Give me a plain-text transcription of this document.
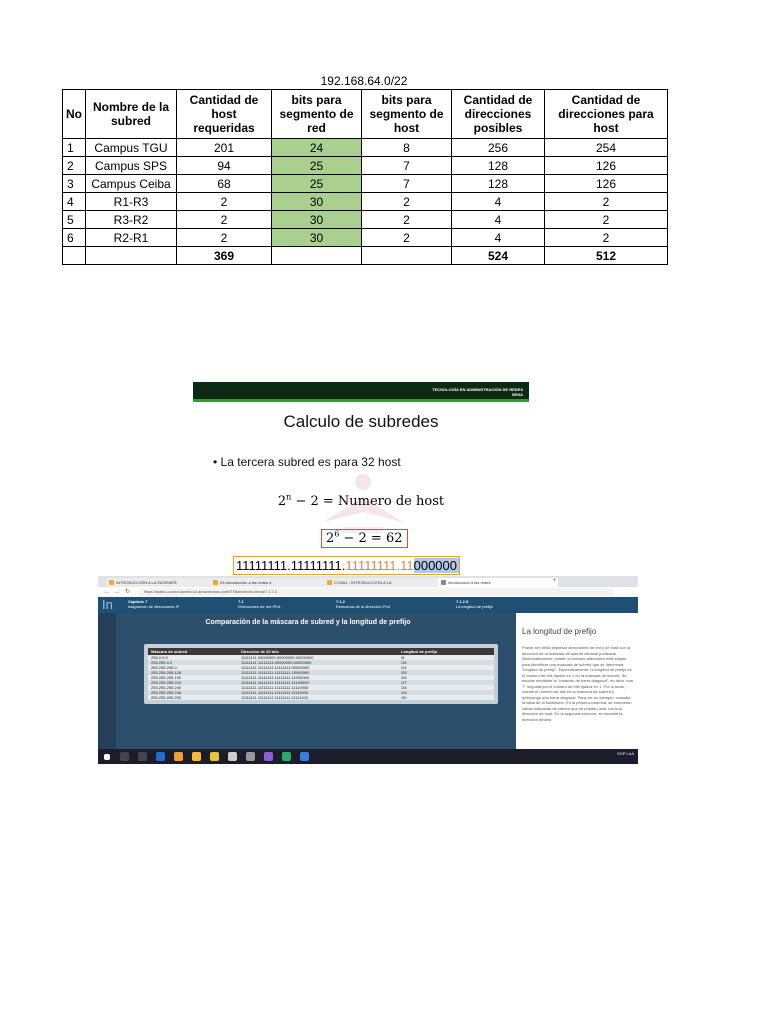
192.168.64.0/22
No	Nombre de la subred	Cantidad de host requeridas	bits para segmento de red	bits para segmento de host	Cantidad de direcciones posibles	Cantidad de direcciones para host
1	Campus TGU	201	24	8	256	254
2	Campus SPS	94	25	7	128	126
3	Campus Ceiba	68	25	7	128	126
4	R1-R3	2	30	2	4	2
5	R3-R2	2	30	2	4	2
6	R2-R1	2	30	2	4	2
		369			524	512
TECNOLOGÍA EN ADMINISTRACIÓN DE REDES
SENA
Calculo de subredes
• La tercera subred es para 32 host
$2^n - 2$ = Numero de host
$2^6 - 2 = 62$
11111111.11111111.11111111.11000000
INTRODUCCIÓN A LA INGENIER	03-introducción a las redes d	CCNA1 - INTRODUCCIÓN A LA	Introducción a las redes	+
← → ↻	https://static-course-assets.s3.amazonaws.com/ITN6/es/index.html#7.1.2.5
In	Capítulo 7
Asignación de direcciones IP
7.1
Direcciones de red IPv4
7.1.2
Estructura de la dirección IPv4
7.1.2.5
La longitud de prefijo
Comparación de la máscara de subred y la longitud de prefijo
Máscara de subred	Dirección de 32 bits	Longitud de prefijo
255.0.0.0	11111111.00000000.00000000.00000000	/8
255.255.0.0	11111111.11111111.00000000.00000000	/16
255.255.255.0	11111111.11111111.11111111.00000000	/24
255.255.255.128	11111111.11111111.11111111.10000000	/25
255.255.255.192	11111111.11111111.11111111.11000000	/26
255.255.255.224	11111111.11111111.11111111.11100000	/27
255.255.255.240	11111111.11111111.11111111.11110000	/28
255.255.255.248	11111111.11111111.11111111.11111000	/29
255.255.255.252	11111111.11111111.11111111.11111100	/30
La longitud de prefijo
Puede ser difícil expresar direcciones de red y de host con la dirección de la máscara de subred decimal punteada. Afortunadamente, existe un método alternativo más simple para identificar una máscara de subred que se denomina "longitud de prefijo". Específicamente, la longitud de prefijo es el número de bits fijados en 1 en la máscara de subred. Se escribe mediante la "notación de barra diagonal", es decir, una "/" seguida por el número de bits fijados en 1. Por lo tanto, cuente el número de bits en la máscara de subred y anteponga una barra diagonal. Para ver un ejemplo, consulte la tabla de la ilustración. En la primera columna, se enumeran varias máscaras de subred que se pueden usar con una dirección de host. En la segunda columna, se muestra la dirección binaria
ESP LAA
